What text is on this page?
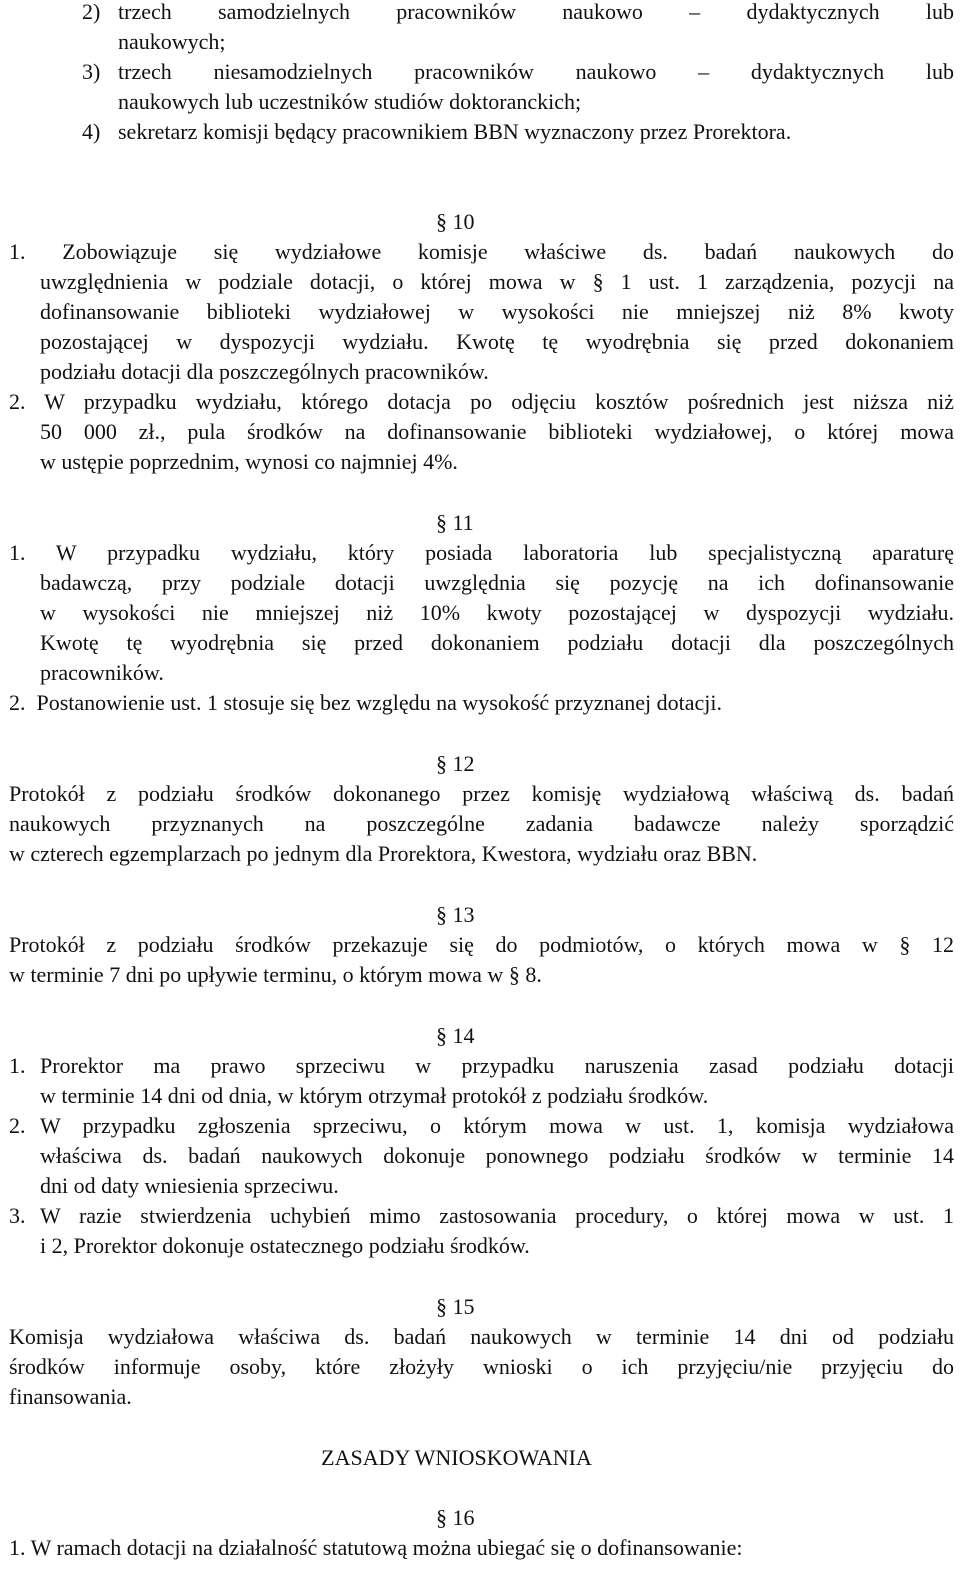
2) trzech samodzielnych pracowników naukowo – dydaktycznych lub
naukowych;
3) trzech niesamodzielnych pracowników naukowo – dydaktycznych lub
naukowych lub uczestników studiów doktoranckich;
4) sekretarz komisji będący pracownikiem BBN wyznaczony przez Prorektora.
§ 10
1. Zobowiązuje się wydziałowe komisje właściwe ds. badań naukowych do
uwzględnienia w podziale dotacji, o której mowa w § 1 ust. 1 zarządzenia, pozycji na
dofinansowanie biblioteki wydziałowej w wysokości nie mniejszej niż 8% kwoty
pozostającej w dyspozycji wydziału. Kwotę tę wyodrębnia się przed dokonaniem
podziału dotacji dla poszczególnych pracowników.
2. W przypadku wydziału, którego dotacja po odjęciu kosztów pośrednich jest niższa niż
50 000 zł., pula środków na dofinansowanie biblioteki wydziałowej, o której mowa
w ustępie poprzednim, wynosi co najmniej 4%.
§ 11
1. W przypadku wydziału, który posiada laboratoria lub specjalistyczną aparaturę
badawczą, przy podziale dotacji uwzględnia się pozycję na ich dofinansowanie
w wysokości nie mniejszej niż 10% kwoty pozostającej w dyspozycji wydziału.
Kwotę tę wyodrębnia się przed dokonaniem podziału dotacji dla poszczególnych
pracowników.
2.  Postanowienie ust. 1 stosuje się bez względu na wysokość przyznanej dotacji.
§ 12
Protokół z podziału środków dokonanego przez komisję wydziałową właściwą ds. badań
naukowych przyznanych na poszczególne zadania badawcze należy sporządzić
w czterech egzemplarzach po jednym dla Prorektora, Kwestora, wydziału oraz BBN.
§ 13
Protokół z podziału środków przekazuje się do podmiotów, o których mowa w § 12
w terminie 7 dni po upływie terminu, o którym mowa w § 8.
§ 14
1. Prorektor ma prawo sprzeciwu w przypadku naruszenia zasad podziału dotacji
w terminie 14 dni od dnia, w którym otrzymał protokół z podziału środków.
2. W przypadku zgłoszenia sprzeciwu, o którym mowa w ust. 1, komisja wydziałowa
właściwa ds. badań naukowych dokonuje ponownego podziału środków w terminie 14
dni od daty wniesienia sprzeciwu.
3. W razie stwierdzenia uchybień mimo zastosowania procedury, o której mowa w ust. 1
i 2, Prorektor dokonuje ostatecznego podziału środków.
§ 15
Komisja wydziałowa właściwa ds. badań naukowych w terminie 14 dni od podziału
środków informuje osoby, które złożyły wnioski o ich przyjęciu/nie przyjęciu do
finansowania.
ZASADY WNIOSKOWANIA
§ 16
1. W ramach dotacji na działalność statutową można ubiegać się o dofinansowanie:
